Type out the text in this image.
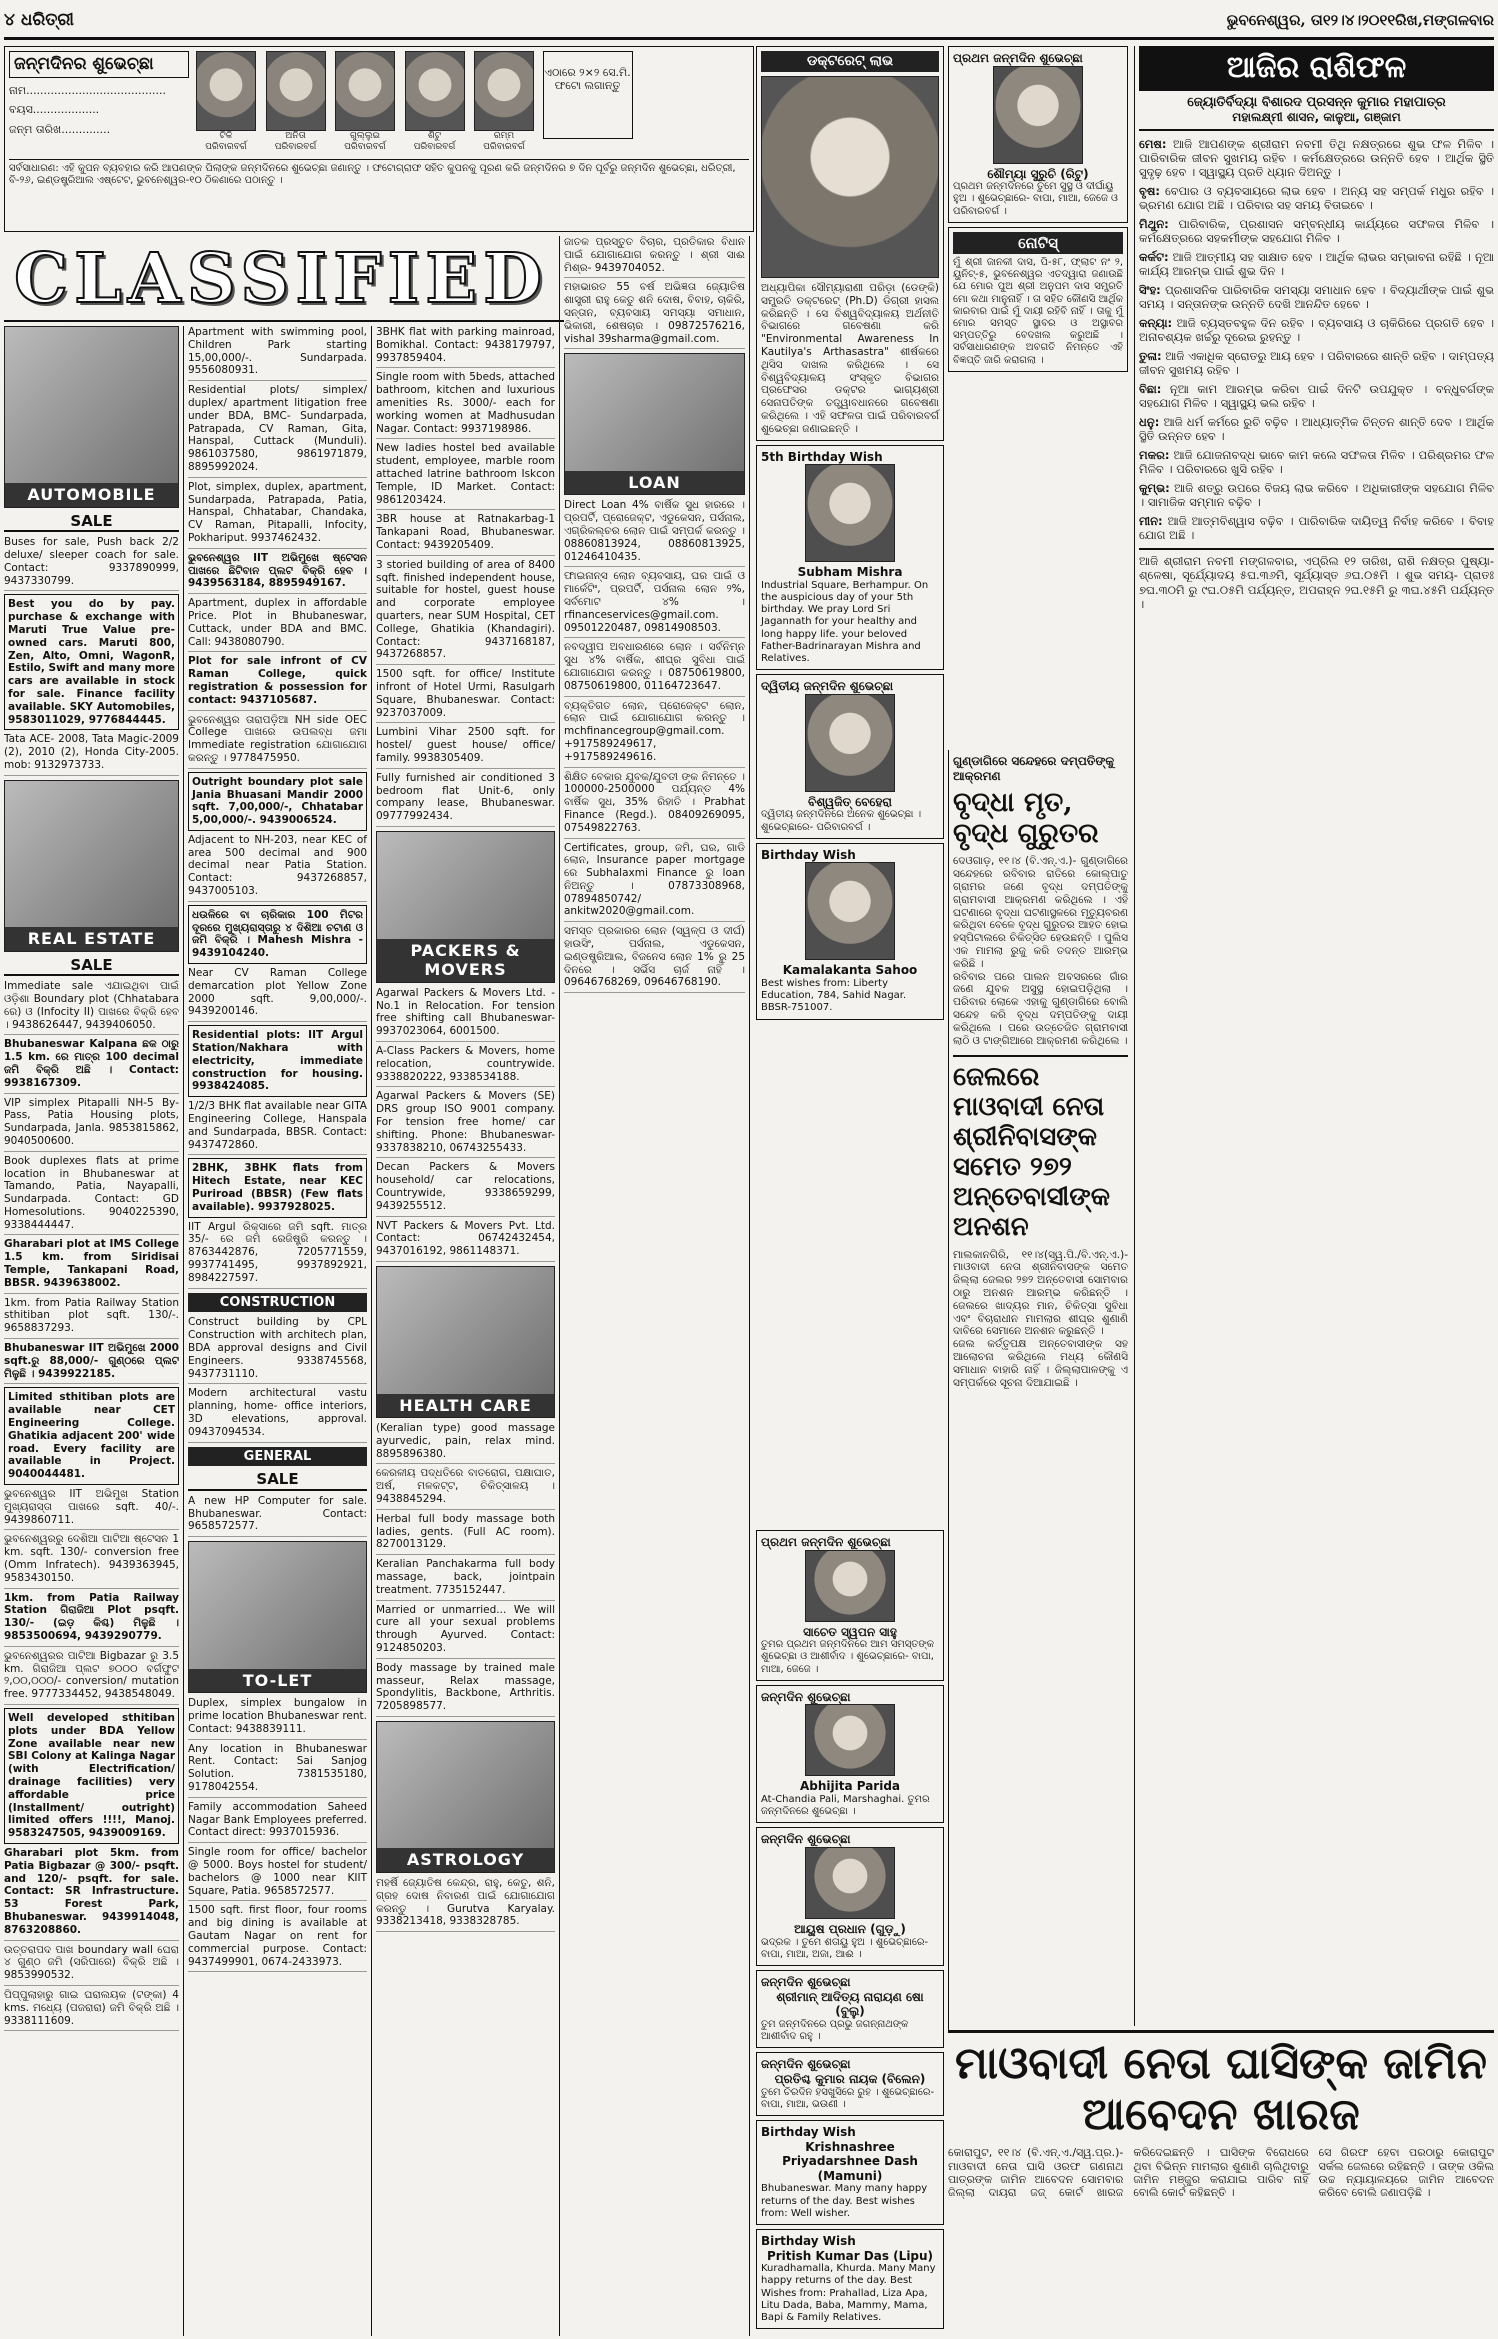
୪ ଧରିତ୍ରୀ	ଭୁବନେଶ୍ୱର, ତା୧୨।୪।୨୦୧୧ରିଖ,ମଙ୍ଗଳବାର
ଜନ୍ମଦିନର ଶୁଭେଚ୍ଛା
ନାମ........................................
ବୟସ...................
ଜନ୍ମ ତାରିଖ..............
ଟିକି
ପରିବାରବର୍ଗ

ଅନିତା
ପରିବାରବର୍ଗ

ଗୁଲ୍ଲୁଇ
ପରିବାରବର୍ଗ

ଶିଟୁ
ପରିବାରବର୍ଗ

ରମ୍ମ
ପରିବାରବର୍ଗ
ଏଠାରେ ୨×୨ ସେ.ମି. ଫଟୋ ଲଗାନ୍ତୁ
ସର୍ବସାଧାରଣ: ଏହି କୁପନ ବ୍ୟବହାର କରି ଆପଣଙ୍କ ପିଲାଙ୍କ ଜନ୍ମଦିନରେ ଶୁଭେଚ୍ଛା ଜଣାନ୍ତୁ । ଫଟୋଗ୍ରାଫ ସହିତ କୁପନକୁ ପୂରଣ କରି ଜନ୍ମଦିନର ୭ ଦିନ ପୂର୍ବରୁ ଜନ୍ମଦିନ ଶୁଭେଚ୍ଛା, ଧରିତ୍ରୀ, ବି-୨୬, ଇଣ୍ଡଷ୍ଟ୍ରିଆଲ ଏଷ୍ଟେଟ, ଭୁବନେଶ୍ୱର-୧୦ ଠିକଣାରେ ପଠାନ୍ତୁ ।
CLASSIFIED
AUTOMOBILE
SALE
Buses for sale, Push back 2/2 deluxe/ sleeper coach for sale. Contact: 9337890999, 9437330799.
Best you do by pay. purchase & exchange with Maruti True Value pre-owned cars. Maruti 800, Zen, Alto, Omni, WagonR, Estilo, Swift and many more cars are available in stock for sale. Finance facility available. SKY Automobiles, 9583011029, 9776844445.
Tata ACE- 2008, Tata Magic-2009 (2), 2010 (2), Honda City-2005. mob: 9132973733.
REAL ESTATE
SALE
Immediate sale ଏଯାଇଥିବା ପାଇଁ ଓଡ଼ିଶା Boundary plot (Chhatabara ରେ) ଓ (Infocity II) ପାଖରେ ବିକ୍ରି ହେବ । 9438626447, 9439406050.
Bhubaneswar Kalpana ଛକ ଠାରୁ 1.5 km. ରେ ମାତ୍ର 100 decimal ଜମି ବିକ୍ରି ଅଛି । Contact: 9938167309.
VIP simplex Pitapalli NH-5 By-Pass, Patia Housing plots, Sundarpada, Janla. 9853815862, 9040500600.
Book duplexes flats at prime location in Bhubaneswar at Tamando, Patia, Nayapalli, Sundarpada. Contact: GD Homesolutions. 9040225390, 9338444447.
Gharabari plot at IMS College 1.5 km. from Siridisai Temple, Tankapani Road, BBSR. 9439638002.
1km. from Patia Railway Station sthitiban plot sqft. 130/-. 9658837293.
Bhubaneswar IIT ଅଭିମୁଖେ 2000 sqft.ରୁ 88,000/- ଗୁଣ୍ଠରେ ପ୍ଲଟ ମିଳୁଛି । 9439922185.
Limited sthitiban plots are available near CET Engineering College. Ghatikia adjacent 200' wide road. Every facility are available in Project. 9040044481.
ଭୁବନେଶ୍ୱର IIT ଅଭିମୁଖ Station ମୁଖ୍ୟରାସ୍ତା ପାଖରେ sqft. 40/-. 9439860711.
ଭୁବନେଶ୍ୱରରୁ ଦେଶିଆ ପାଟିଆ ଷ୍ଟେସନ 1 km. sqft. 130/- conversion free (Omm Infratech). 9439363945, 9583430150.
1km. from Patia Railway Station ଗିରାଜିଆ Plot psqft. 130/- (ଇଡ଼ କିଶ୍ଚ) ମିଳୁଛି । 9853500694, 9439290779.
ଭୁବନେଶ୍ୱରର ପାଟିଆ Bigbazar ରୁ 3.5 km. ଗିରାଜିଆ ପ୍ଲଟ ୭୦୦୦ ବର୍ଗଫୁଟ ୨,୦୦,୦୦୦/- conversion/ mutation free. 9777334452, 9438548049.
Well developed sthitiban plots under BDA Yellow Zone available near new SBI Colony at Kalinga Nagar (with Electrification/ drainage facilities) very affordable price (Installment/ outright) limited offers !!!!, Manoj. 9583247505, 9439009169.
Gharabari plot 5km. from Patia Bigbazar @ 300/- psqft. and 120/- psqft. for sale. Contact: SR Infrastructure. 53 Forest Park, Bhubaneswar. 9439914048, 8763208860.
ଉତ୍ତରାପଦ ପାଖ boundary wall ଘେରା ୪ ଗୁଣ୍ଠ ଜମି (ସରିପାରେ) ବିକ୍ରି ଅଛି । 9853990532.
ପିପ୍ପୁଲାହାରୁ ଗାଇ ଘରାଲୟକ (ଟଙ୍କା) 4 kms. ମଧ୍ୟେ (ପଜରାରା) ଜମି ବିକ୍ରି ଅଛି । 9338111609.
Apartment with swimming pool, Children Park starting 15,00,000/-. Sundarpada. 9556080931.
Residential plots/ simplex/ duplex/ apartment litigation free under BDA, BMC- Sundarpada, Patrapada, CV Raman, Gita, Hanspal, Cuttack (Munduli). 9861037580, 9861971879, 8895992024.
Plot, simplex, duplex, apartment, Sundarpada, Patrapada, Patia, Hanspal, Chhatabar, Chandaka, CV Raman, Pitapalli, Infocity, Pokhariput. 9937462432.
ଭୁବନେଶ୍ୱର IIT ଅଭିମୁଖେ ଷ୍ଟେସନ ପାଖରେ ଛିଟିବାନ ପ୍ଲଟ ବିକ୍ରି ହେବ । 9439563184, 8895949167.
Apartment, duplex in affordable Price. Plot in Bhubaneswar, Cuttack, under BDA and BMC. Call: 9438080790.
Plot for sale infront of CV Raman College, quick registration & possession for contact: 9437105687.
ଭୁବନେଶ୍ୱର ତାରାପଡ଼ିଆ NH side OEC College ପାଖରେ ଉପଲବ୍ଧ ଜମା Immediate registration ଯୋଗାଯୋଗ କରନ୍ତୁ । 9778475950.
Outright boundary plot sale Jania Bhuasani Mandir 2000 sqft. 7,00,000/-, Chhatabar 5,00,000/-. 9439006524.
Adjacent to NH-203, near KEC of area 500 decimal and 900 decimal near Patia Station. Contact: 9437268857, 9437005103.
ଧଉଳିରେ ବା ଚାରିକାର 100 ମିଟର ଦୂରରେ ମୁଖ୍ୟରାସ୍ତାରୁ ୪ ଦିଶିଆ ଚଟାଣ ଓ ଜମି ବିକ୍ରି । Mahesh Mishra - 9439104240.
Near CV Raman College demarcation plot Yellow Zone 2000 sqft. 9,00,000/-. 9439200146.
Residential plots: IIT Argul Station/Nakhara with electricity, immediate construction for housing. 9938424085.
1/2/3 BHK flat available near GITA Engineering College, Hanspala and Sundarpada, BBSR. Contact: 9437472860.
2BHK, 3BHK flats from Hitech Estate, near KEC Puriroad (BBSR) (Few flats available). 9937928025.
IIT Argul ରିକ୍ସାରେ ଜମି sqft. ମାତ୍ର 35/- ରେ ଜମି ରେଜିଷ୍ଟ୍ରି କରନ୍ତୁ । 8763442876, 7205771559, 9937741495, 9937892921, 8984227597.
CONSTRUCTION
Construct building by CPL Construction with architech plan, BDA approval designs and Civil Engineers. 9338745568, 9437731110.
Modern architectural vastu planning, home- office interiors, 3D elevations, approval. 09437094534.
GENERAL
SALE
A new HP Computer for sale. Bhubaneswar. Contact: 9658572577.
TO-LET
Duplex, simplex bungalow in prime location Bhubaneswar rent. Contact: 9438839111.
Any location in Bhubaneswar Rent. Contact: Sai Sanjog Solution. 7381535180, 9178042554.
Family accommodation Saheed Nagar Bank Employees preferred. Contact direct: 9937015936.
Single room for office/ bachelor @ 5000. Boys hostel for student/ bachelors @ 1000 near KIIT Square, Patia. 9658572577.
1500 sqft. first floor, four rooms and big dining is available at Gautam Nagar on rent for commercial purpose. Contact: 9437499901, 0674-2433973.
3BHK flat with parking mainroad, Bomikhal. Contact: 9438179797, 9937859404.
Single room with 5beds, attached bathroom, kitchen and luxurious amenities Rs. 3000/- each for working women at Madhusudan Nagar. Contact: 9937198986.
New ladies hostel bed available student, employee, marble room attached latrine bathroom Iskcon Temple, ID Market. Contact: 9861203424.
3BR house at Ratnakarbag-1 Tankapani Road, Bhubaneswar. Contact: 9439205409.
3 storied building of area of 8400 sqft. finished independent house, suitable for hostel, guest house and corporate employee quarters, near SUM Hospital, CET College, Ghatikia (Khandagiri). Contact: 9437168187, 9437268857.
1500 sqft. for office/ Institute infront of Hotel Urmi, Rasulgarh Square, Bhubaneswar. Contact: 9237037009.
Lumbini Vihar 2500 sqft. for hostel/ guest house/ office/ family. 9938305409.
Fully furnished air conditioned 3 bedroom flat Unit-6, only company lease, Bhubaneswar. 09777992434.
PACKERS & MOVERS
Agarwal Packers & Movers Ltd. - No.1 in Relocation. For tension free shifting call Bhubaneswar- 9937023064, 6001500.
A-Class Packers & Movers, home relocation, countrywide. 9338820222, 9338534188.
Agarwal Packers & Movers (SE) DRS group ISO 9001 company. For tension free home/ car shifting. Phone: Bhubaneswar- 9337838210, 06743255433.
Decan Packers & Movers household/ car relocations, Countrywide, 9338659299, 9439255512.
NVT Packers & Movers Pvt. Ltd. Contact: 06742432454, 9437016192, 9861148371.
HEALTH CARE
(Keralian type) good massage ayurvedic, pain, relax mind. 8895896380.
କେରଳୀୟ ପଦ୍ଧତିରେ ବାତରୋଗ, ପକ୍ଷାଘାତ, ଅର୍ଷ, ମଳକଟ୍ଟ, ଚିକିତ୍ସାଳୟ । 9438845294.
Herbal full body massage both ladies, gents. (Full AC room). 8270013129.
Keralian Panchakarma full body massage, back, jointpain treatment. 7735152447.
Married or unmarried... We will cure all your sexual problems through Ayurved. Contact: 9124850203.
Body massage by trained male masseur, Relax massage, Spondylitis, Backbone, Arthritis. 7205898577.
ASTROLOGY
ମହର୍ଷି ଜ୍ୟୋତିଷ କେନ୍ଦ୍ର, ରାହୁ, କେତୁ, ଶନି, ଗ୍ରହ ଦୋଷ ନିବାରଣ ପାଇଁ ଯୋଗାଯୋଗ କରନ୍ତୁ । Gurutva Karyalay. 9338213418, 9338328785.
ଜାତକ ପ୍ରସ୍ତୁତ ବିଚାର, ପ୍ରତିକାର ବିଧାନ ପାଇଁ ଯୋଗାଯୋଗ କରନ୍ତୁ । ଶ୍ରୀ ସାଈ ମିଶ୍ର- 9439704052.
ମହାଭାରତ 55 ବର୍ଷ ଅଭିଜ୍ଞତା ଜ୍ୟୋତିଷ ଶାସ୍ତ୍ରୀ ରାହୁ କେତୁ ଶନି ଦୋଷ, ବିବାହ, ଚାକିରି, ସନ୍ତାନ, ବ୍ୟବସାୟ ସମସ୍ୟା ସମାଧାନ, ଭିକାରୀ, ଶେଷଚାର । 09872576216, vishal 39sharma@gmail.com.
LOAN
Direct Loan 4% ବାର୍ଷିକ ସୁଧ ହାରରେ । ପ୍ରପର୍ଟି, ପ୍ରୋଜେକ୍ଟ, ଏଡୁକେସନ, ପର୍ସନାଲ, ଏଗ୍ରିକଲ୍ଚର ଲୋନ ପାଇଁ ସମ୍ପର୍କ କରନ୍ତୁ । 08860813924, 08860813925, 01246410435.
ଫାଇନାନ୍ସ ଲୋନ ବ୍ୟବସାୟ, ଘର ପାଇଁ ଓ ମାର୍କେଟିଂ, ପ୍ରପର୍ଟି, ପର୍ସନାଲ ଲୋନ ୨%, ସର୍ବମୋଟ ୪% । rfinanceservices@gmail.com. 09501220487, 09814908503.
ନବଦ୍ୱୀପ ଅବଧାରଣରେ ଲୋନ । ସର୍ବନିମ୍ନ ସୁଧ ୪% ବାର୍ଷିକ, ଶୀଘ୍ର ସୁବିଧା ପାଇଁ ଯୋଗାଯୋଗ କରନ୍ତୁ । 08750619800, 08750619800, 01164723647.
ବ୍ୟକ୍ତିଗତ ଲୋନ, ପ୍ରୋଜେକ୍ଟ ଲୋନ, ଲୋନ ପାଇଁ ଯୋଗାଯୋଗ କରନ୍ତୁ । mchfinancegroup@gmail.com. +917589249617, +917589249616.
ଶିକ୍ଷିତ ବେକାର ଯୁବକ/ଯୁବତୀ ଙ୍କ ନିମନ୍ତେ । 100000-2500000 ପର୍ଯ୍ୟନ୍ତ 4% ବାର୍ଷିକ ସୁଧ, 35% ରିହାତି । Prabhat Finance (Regd.). 08409269095, 07549822763.
Certificates, group, ଜମି, ଘର, ଗାଡି ଲୋନ, Insurance paper mortgage ରେ Subhalaxmi Finance ରୁ loan ନିଅନ୍ତୁ । 07873308968, 07894850742/ ankitw2020@gmail.com.
ସମସ୍ତ ପ୍ରକାରର ଲୋନ (ସ୍ୱଳ୍ପ ଓ ଦୀର୍ଘ) ହାଉସିଂ, ପର୍ସନାଲ, ଏଡୁକେସନ, ଇଣ୍ଡଷ୍ଟ୍ରିଆଲ, ବିଜନେସ ଲୋନ 1% ରୁ 25 ଦିନରେ । ସର୍ଭିସ ଚାର୍ଜ ନାହିଁ । 09646768269, 09646768190.
ଡକ୍ଟରେଟ୍ ଲାଭ
ଅଧ୍ୟାପିକା ସୌମ୍ୟାରାଣୀ ପରିଡ଼ା (ଡେଙ୍କି) ସମ୍ପ୍ରତି ଡକ୍ଟରେଟ୍ (Ph.D) ଡିଗ୍ରୀ ହାସଲ କରିଛନ୍ତି । ସେ ବିଶ୍ୱବିଦ୍ୟାଳୟ ଅର୍ଥନୀତି ବିଭାଗରେ ଗବେଷଣା କରି "Environmental Awareness In Kautilya's Arthasastra" ଶୀର୍ଷକରେ ଥିସିସ ଦାଖଲ କରିଥିଲେ । ସେ ବିଶ୍ୱବିଦ୍ୟାଳୟ ସଂସ୍କୃତ ବିଭାଗର ପ୍ରଫେସର ଡକ୍ଟର ଭାଗ୍ୟଶ୍ରୀ ସେନାପତିଙ୍କ ତତ୍ତ୍ୱାବଧାନରେ ଗବେଷଣା କରିଥିଲେ । ଏହି ସଫଳତା ପାଇଁ ପରିବାରବର୍ଗ ଶୁଭେଚ୍ଛା ଜଣାଇଛନ୍ତି ।
5th Birthday Wish
Subham Mishra
Industrial Square, Berhampur. On the auspicious day of your 5th birthday. We pray Lord Sri Jagannath for your healthy and long happy life. your beloved Father-Badrinarayan Mishra and Relatives.
ଦ୍ୱିତୀୟ ଜନ୍ମଦିନ ଶୁଭେଚ୍ଛା
ବିଶ୍ୱଜିତ୍ ବେହେରା
ଦ୍ୱିତୀୟ ଜନ୍ମଦିନରେ ଅନେକ ଶୁଭେଚ୍ଛା । ଶୁଭେଚ୍ଛାରେ- ପରିବାରବର୍ଗ ।
Birthday Wish
Kamalakanta Sahoo
Best wishes from: Liberty Education, 784, Sahid Nagar. BBSR-751007.
ପ୍ରଥମ ଜନ୍ମଦିନ ଶୁଭେଚ୍ଛା
ଶୌମ୍ୟା ସୁରୁଚି (ରିଟୁ)
ପ୍ରଥମ ଜନ୍ମଦିନରେ ତୁମେ ସୁସ୍ଥ ଓ ଦୀର୍ଘାୟୁ ହୁଅ । ଶୁଭେଚ୍ଛାରେ- ବାପା, ମାଆ, ଜେଜେ ଓ ପରିବାରବର୍ଗ ।
ନୋଟିସ୍
ମୁଁ ଶ୍ରୀ ଜାନକୀ ଦାସ, ପି-୫୮, ଫ୍ଲାଟ ନଂ ୨, ୟୁନିଟ୍-୫, ଭୁବନେଶ୍ୱର ଏତଦ୍ୱାରା ଜଣାଉଛି ଯେ ମୋର ପୁଅ ଶ୍ରୀ ଅନୁପମ ଦାସ ସମ୍ପ୍ରତି ମୋ କଥା ମାନୁନାହିଁ । ତା ସହିତ କୌଣସି ଆର୍ଥିକ କାରବାର ପାଇଁ ମୁଁ ଦାୟୀ ରହିବି ନାହିଁ । ତାକୁ ମୁଁ ମୋର ସମସ୍ତ ସ୍ଥାବର ଓ ଅସ୍ଥାବର ସମ୍ପତ୍ତିରୁ ବେଦଖଲ କରୁଅଛି । ସର୍ବସାଧାରଣଙ୍କ ଅବଗତି ନିମନ୍ତେ ଏହି ବିଜ୍ଞପ୍ତି ଜାରି କରାଗଲା ।
ଗୁଣ୍ଡାଗିରେ ସନ୍ଦେହରେ ଦମ୍ପତିଙ୍କୁ ଆକ୍ରମଣ
ବୃଦ୍ଧା ମୃତ, ବୃଦ୍ଧ ଗୁରୁତର
ଦେଓଗାଡ଼, ୧୧।୪ (ବି.ଏନ୍.ଏ.)- ଗୁଣ୍ଡାଗିରେ ସନ୍ଦେହରେ ରବିବାର ରାତିରେ କୋଲ୍ପାତୁ ଗ୍ରାମର ଜଣେ ବୃଦ୍ଧ ଦମ୍ପତିଙ୍କୁ ଗ୍ରାମବାସୀ ଆକ୍ରମଣ କରିଥିଲେ । ଏହି ଘଟଣାରେ ବୃଦ୍ଧା ଘଟଣାସ୍ଥଳରେ ମୃତ୍ୟୁବରଣ କରିଥିବା ବେଳେ ବୃଦ୍ଧ ଗୁରୁତର ଆହତ ହୋଇ ହସ୍ପିଟାଲରେ ଚିକିତ୍ସିତ ହେଉଛନ୍ତି । ପୁଲିସ ଏକ ମାମଲା ରୁଜୁ କରି ତଦନ୍ତ ଆରମ୍ଭ କରିଛି ।
ରବିବାର ପରେ ପାଲନ ଅବସରରେ ଗାଁର ଜଣେ ଯୁବକ ଅସୁସ୍ଥ ହୋଇପଡ଼ିଥିଲା । ପରିବାର ଲୋକେ ଏହାକୁ ଗୁଣ୍ଡାଗିରେ ବୋଲି ସନ୍ଦେହ କରି ବୃଦ୍ଧ ଦମ୍ପତିଙ୍କୁ ଦାୟୀ କରିଥିଲେ । ପରେ ଉତ୍ତେଜିତ ଗ୍ରାମବାସୀ ଲାଠି ଓ ଟାଙ୍ଗିଆରେ ଆକ୍ରମଣ କରିଥିଲେ ।
ଜେଲରେ ମାଓବାଦୀ ନେତା ଶ୍ରୀନିବାସଙ୍କ ସମେତ ୨୭୨ ଅନ୍ତେବାସୀଙ୍କ ଅନଶନ
ମାଲକାନଗିରି, ୧୧।୪(ସ୍ୱ.ପି./ବି.ଏନ୍.ଏ.)- ମାଓବାଦୀ ନେତା ଶ୍ରୀନିବାସଙ୍କ ସମେତ ଜିଲ୍ଲା ଜେଲର ୨୭୨ ଅନ୍ତେବାସୀ ସୋମବାର ଠାରୁ ଅନଶନ ଆରମ୍ଭ କରିଛନ୍ତି । ଜେଲରେ ଖାଦ୍ୟର ମାନ, ଚିକିତ୍ସା ସୁବିଧା ଏବଂ ବିଚାରାଧୀନ ମାମଲାର ଶୀଘ୍ର ଶୁଣାଣି ଦାବିରେ ସେମାନେ ଅନଶନ କରୁଛନ୍ତି ।
ଜେଲ କର୍ତ୍ତୃପକ୍ଷ ଅନ୍ତେବାସୀଙ୍କ ସହ ଆଲୋଚନା କରିଥିଲେ ମଧ୍ୟ କୌଣସି ସମାଧାନ ବାହାରି ନାହିଁ । ଜିଲ୍ଲାପାଳଙ୍କୁ ଏ ସମ୍ପର୍କରେ ସୂଚନା ଦିଆଯାଇଛି ।
ଆଜିର ରାଶିଫଳ
ଜ୍ୟୋତିର୍ବିଦ୍ୟା ବିଶାରଦ ପ୍ରସନ୍ନ କୁମାର ମହାପାତ୍ର
ମହାଲକ୍ଷ୍ମୀ ଶାସନ, କାଳୁଆ, ଗଞ୍ଜାମ
ମେଷ: ଆଜି ଆପଣଙ୍କ ଶ୍ରୀରାମ ନବମୀ ତିଥି ନକ୍ଷତ୍ରରେ ଶୁଭ ଫଳ ମିଳିବ । ପାରିବାରିକ ଜୀବନ ସୁଖମୟ ରହିବ । କର୍ମକ୍ଷେତ୍ରରେ ଉନ୍ନତି ହେବ । ଆର୍ଥିକ ସ୍ଥିତି ସୁଦୃଢ଼ ହେବ । ସ୍ୱାସ୍ଥ୍ୟ ପ୍ରତି ଧ୍ୟାନ ଦିଅନ୍ତୁ ।
ବୃଷ: ବେପାର ଓ ବ୍ୟବସାୟରେ ଲାଭ ହେବ । ଅନ୍ୟ ସହ ସମ୍ପର୍କ ମଧୁର ରହିବ । ଭ୍ରମଣ ଯୋଗ ଅଛି । ପରିବାର ସହ ସମୟ ବିତାଇବେ ।
ମିଥୁନ: ପାରିବାରିକ, ପ୍ରଶାସନ ସମ୍ବନ୍ଧୀୟ କାର୍ଯ୍ୟରେ ସଫଳତା ମିଳିବ । କର୍ମକ୍ଷେତ୍ରରେ ସହକର୍ମୀଙ୍କ ସହଯୋଗ ମିଳିବ ।
କର୍କଟ: ଆଜି ଆତ୍ମୀୟ ସହ ସାକ୍ଷାତ ହେବ । ଆର୍ଥିକ ଲାଭର ସମ୍ଭାବନା ରହିଛି । ନୂଆ କାର୍ଯ୍ୟ ଆରମ୍ଭ ପାଇଁ ଶୁଭ ଦିନ ।
ସିଂହ: ପ୍ରଶାସନିକ ପାରିବାରିକ ସମସ୍ୟା ସମାଧାନ ହେବ । ବିଦ୍ୟାର୍ଥୀଙ୍କ ପାଇଁ ଶୁଭ ସମୟ । ସନ୍ତାନଙ୍କ ଉନ୍ନତି ଦେଖି ଆନନ୍ଦିତ ହେବେ ।
କନ୍ୟା: ଆଜି ବ୍ୟସ୍ତବହୁଳ ଦିନ ରହିବ । ବ୍ୟବସାୟ ଓ ଚାକିରିରେ ପ୍ରଗତି ହେବ । ଅନାବଶ୍ୟକ ଖର୍ଚ୍ଚରୁ ଦୂରେଇ ରୁହନ୍ତୁ ।
ତୁଳା: ଆଜି ଏକାଧିକ ସ୍ରୋତରୁ ଆୟ ହେବ । ପରିବାରରେ ଶାନ୍ତି ରହିବ । ଦାମ୍ପତ୍ୟ ଜୀବନ ସୁଖମୟ ରହିବ ।
ବିଛା: ନୂଆ କାମ ଆରମ୍ଭ କରିବା ପାଇଁ ଦିନଟି ଉପଯୁକ୍ତ । ବନ୍ଧୁବର୍ଗଙ୍କ ସହଯୋଗ ମିଳିବ । ସ୍ୱାସ୍ଥ୍ୟ ଭଲ ରହିବ ।
ଧନୁ: ଆଜି ଧର୍ମ କର୍ମରେ ରୁଚି ବଢ଼ିବ । ଆଧ୍ୟାତ୍ମିକ ଚିନ୍ତନ ଶାନ୍ତି ଦେବ । ଆର୍ଥିକ ସ୍ଥିତି ଉନ୍ନତ ହେବ ।
ମକର: ଆଜି ଯୋଜନାବଦ୍ଧ ଭାବେ କାମ କଲେ ସଫଳତା ମିଳିବ । ପରିଶ୍ରମର ଫଳ ମିଳିବ । ପରିବାରରେ ଖୁସି ରହିବ ।
କୁମ୍ଭ: ଆଜି ଶତ୍ରୁ ଉପରେ ବିଜୟ ଲାଭ କରିବେ । ଅଧିକାରୀଙ୍କ ସହଯୋଗ ମିଳିବ । ସାମାଜିକ ସମ୍ମାନ ବଢ଼ିବ ।
ମୀନ: ଆଜି ଆତ୍ମବିଶ୍ୱାସ ବଢ଼ିବ । ପାରିବାରିକ ଦାୟିତ୍ୱ ନିର୍ବାହ କରିବେ । ବିବାହ ଯୋଗ ଅଛି ।
ଆଜି ଶ୍ରୀରାମ ନବମୀ ମଙ୍ଗଳବାର, ଏପ୍ରିଲ ୧୨ ତାରିଖ, ରାଶି ନକ୍ଷତ୍ର ପୁଷ୍ୟା-ଶ୍ଳେଷା, ସୂର୍ଯ୍ୟୋଦୟ ୫ଘ.୩୬ମି, ସୂର୍ଯ୍ୟାସ୍ତ ୬ଘ.୦୫ମି । ଶୁଭ ସମୟ- ପ୍ରାତଃ ୭ଘ.୩୦ମି ରୁ ୯ଘ.୦୫ମି ପର୍ଯ୍ୟନ୍ତ, ଅପରାହ୍ନ ୨ଘ.୧୫ମି ରୁ ୩ଘ.୪୫ମି ପର୍ଯ୍ୟନ୍ତ ।
ମାଓବାଦୀ ନେତା ଘାସିଙ୍କ ଜାମିନ ଆବେଦନ ଖାରଜ
କୋରାପୁଟ, ୧୧।୪ (ବି.ଏନ୍.ଏ./ସ୍ୱ.ପ୍ର.)- ମାଓବାଦୀ ନେତା ଘାସି ଓରଫ ଗଣନାଥ ପାତ୍ରଙ୍କ ଜାମିନ ଆବେଦନ ସୋମବାର ଜିଲ୍ଲା ଦାୟରା ଜଜ୍ କୋର୍ଟ ଖାରଜ କରିଦେଇଛନ୍ତି । ଘାସିଙ୍କ ବିରୋଧରେ ଥିବା ବିଭିନ୍ନ ମାମଲାର ଶୁଣାଣି ଚାଲିଥିବାରୁ ଜାମିନ ମଞ୍ଜୁର କରାଯାଇ ପାରିବ ନାହିଁ ବୋଲି କୋର୍ଟ କହିଛନ୍ତି ।
ସେ ଗିରଫ ହେବା ପରଠାରୁ କୋରାପୁଟ ସର୍କଲ ଜେଲରେ ରହିଛନ୍ତି । ତାଙ୍କ ଓକିଲ ଉଚ୍ଚ ନ୍ୟାୟାଳୟରେ ଜାମିନ ଆବେଦନ କରିବେ ବୋଲି ଜଣାପଡ଼ିଛି ।
ପ୍ରଥମ ଜନ୍ମଦିନ ଶୁଭେଚ୍ଛା
ସାଚେତ ସ୍ୱପନ ସାହୁ
ତୁମର ପ୍ରଥମ ଜନ୍ମଦିନରେ ଆମ ସମସ୍ତଙ୍କ ଶୁଭେଚ୍ଛା ଓ ଆଶୀର୍ବାଦ । ଶୁଭେଚ୍ଛାରେ- ବାପା, ମାଆ, ଜେଜେ ।
ଜନ୍ମଦିନ ଶୁଭେଚ୍ଛା
Abhijita Parida
At-Chandia Pali, Marshaghai. ତୁମର ଜନ୍ମଦିନରେ ଶୁଭେଚ୍ଛା ।
ଜନ୍ମଦିନ ଶୁଭେଚ୍ଛା
ଆୟୁଷ ପ୍ରଧାନ (ଗୁଡ଼ୁ)
ଭଦ୍ରକ । ତୁମେ ଶତାୟୁ ହୁଅ । ଶୁଭେଚ୍ଛାରେ- ବାପା, ମାଆ, ଅଜା, ଆଈ ।
ଜନ୍ମଦିନ ଶୁଭେଚ୍ଛା
ଶ୍ରୀମାନ୍ ଆଦିତ୍ୟ ନାରାୟଣ ଷୋ (ବୁଲୁ)
ତୁମ ଜନ୍ମଦିନରେ ପ୍ରଭୁ ଜଗନ୍ନାଥଙ୍କ ଆଶୀର୍ବାଦ ରହୁ ।
ଜନ୍ମଦିନ ଶୁଭେଚ୍ଛା
ପ୍ରତିଶ୍ଚ କୁମାର ନାୟକ (ବିଲେନ)
ତୁମେ ଚିରଦିନ ହସଖୁସିରେ ରୁହ । ଶୁଭେଚ୍ଛାରେ- ବାପା, ମାଆ, ଭଉଣୀ ।
Birthday Wish
Krishnashree Priyadarshnee Dash (Mamuni)
Bhubaneswar. Many many happy returns of the day. Best wishes from: Well wisher.
Birthday Wish
Pritish Kumar Das (Lipu)
Kuradhamalla, Khurda. Many Many happy returns of the day. Best Wishes from: Prahallad, Liza Apa, Litu Dada, Baba, Mammy, Mama, Bapi & Family Relatives.
